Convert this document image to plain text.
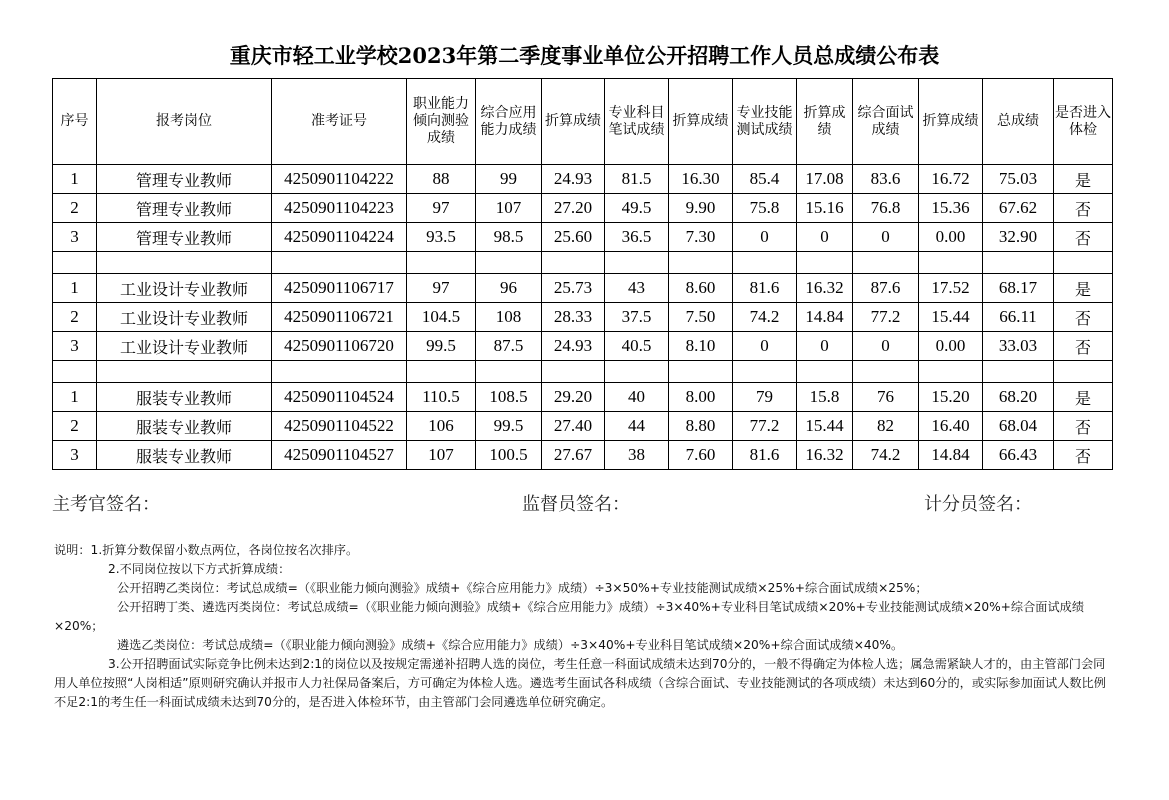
重庆市轻工业学校2023年第二季度事业单位公开招聘工作人员总成绩公布表
序号	报考岗位	准考证号	职业能力倾向测验成绩	综合应用能力成绩	折算成绩	专业科目笔试成绩	折算成绩	专业技能测试成绩	折算成绩	综合面试成绩	折算成绩	总成绩	是否进入体检
1	管理专业教师	4250901104222	88	99	24.93	81.5	16.30	85.4	17.08	83.6	16.72	75.03	是
2	管理专业教师	4250901104223	97	107	27.20	49.5	9.90	75.8	15.16	76.8	15.36	67.62	否
3	管理专业教师	4250901104224	93.5	98.5	25.60	36.5	7.30	0	0	0	0.00	32.90	否

1	工业设计专业教师	4250901106717	97	96	25.73	43	8.60	81.6	16.32	87.6	17.52	68.17	是
2	工业设计专业教师	4250901106721	104.5	108	28.33	37.5	7.50	74.2	14.84	77.2	15.44	66.11	否
3	工业设计专业教师	4250901106720	99.5	87.5	24.93	40.5	8.10	0	0	0	0.00	33.03	否

1	服装专业教师	4250901104524	110.5	108.5	29.20	40	8.00	79	15.8	76	15.20	68.20	是
2	服装专业教师	4250901104522	106	99.5	27.40	44	8.80	77.2	15.44	82	16.40	68.04	否
3	服装专业教师	4250901104527	107	100.5	27.67	38	7.60	81.6	16.32	74.2	14.84	66.43	否
主考官签名：	监督员签名：	计分员签名：

说明：1.折算分数保留小数点两位，各岗位按名次排序。

2.不同岗位按以下方式折算成绩：

公开招聘乙类岗位：考试总成绩=（《职业能力倾向测验》成绩+《综合应用能力》成绩）÷3×50%+专业技能测试成绩×25%+综合面试成绩×25%；

公开招聘丁类、遴选丙类岗位：考试总成绩=（《职业能力倾向测验》成绩+《综合应用能力》成绩）÷3×40%+专业科目笔试成绩×20%+专业技能测试成绩×20%+综合面试成绩×20%；

遴选乙类岗位：考试总成绩=（《职业能力倾向测验》成绩+《综合应用能力》成绩）÷3×40%+专业科目笔试成绩×20%+综合面试成绩×40%。

3.公开招聘面试实际竞争比例未达到2:1的岗位以及按规定需递补招聘人选的岗位，考生任意一科面试成绩未达到70分的，一般不得确定为体检人选；属急需紧缺人才的，由主管部门会同用人单位按照“人岗相适”原则研究确认并报市人力社保局备案后，方可确定为体检人选。遴选考生面试各科成绩（含综合面试、专业技能测试的各项成绩）未达到60分的，或实际参加面试人数比例不足2:1的考生任一科面试成绩未达到70分的，是否进入体检环节，由主管部门会同遴选单位研究确定。
